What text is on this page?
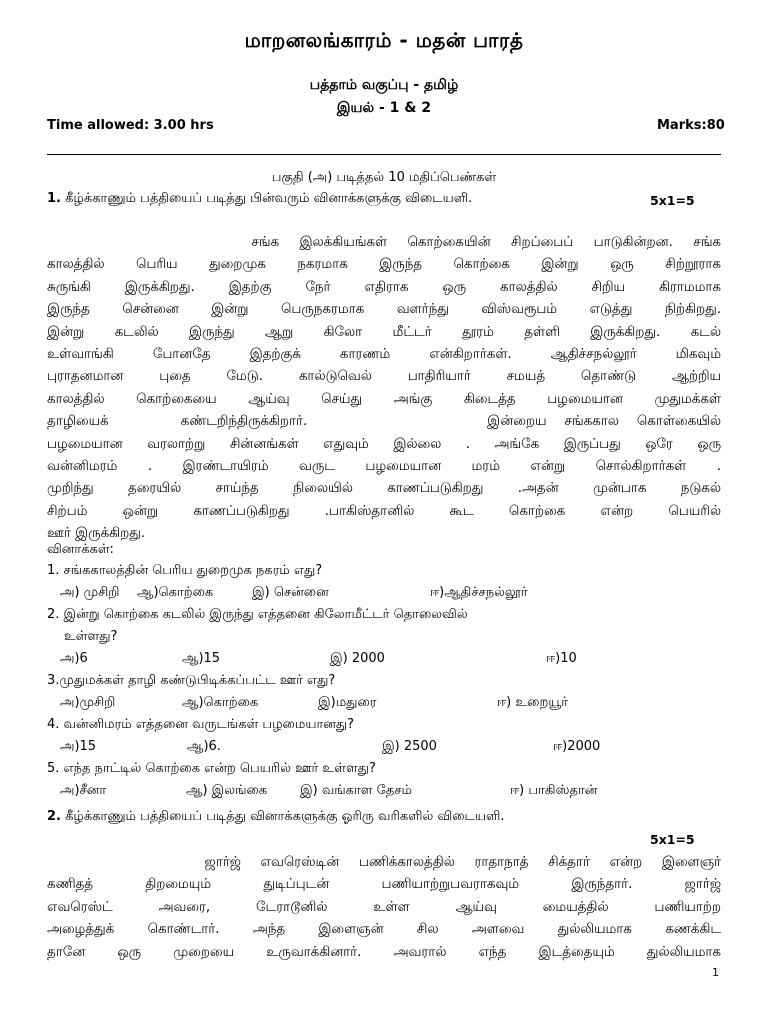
மாறனலங்காரம் - மதன் பாரத்
பத்தாம் வகுப்பு - தமிழ்
இயல் - 1 & 2
Time allowed: 3.00 hrs	Marks:80
பகுதி (அ) படித்தல் 10 மதிப்பெண்கள்
1. கீழ்க்காணும் பத்தியைப் படித்து பின்வரும் வினாக்களுக்கு விடையளி.	5x1=5
சங்க இலக்கியங்கள் கொற்கையின் சிறப்பைப் பாடுகின்றன. சங்க
காலத்தில் பெரிய துறைமுக நகரமாக இருந்த கொற்கை இன்று ஒரு சிற்றூராக
சுருங்கி இருக்கிறது. இதற்கு நேர் எதிராக ஒரு காலத்தில் சிறிய கிராமமாக
இருந்த சென்னை இன்று பெருநகரமாக வளர்ந்து விஸ்வரூபம் எடுத்து நிற்கிறது.
இன்று கடலில் இருந்து ஆறு கிலோ மீட்டர் தூரம் தள்ளி இருக்கிறது. கடல்
உள்வாங்கி போனதே இதற்குக் காரணம் என்கிறார்கள். ஆதிச்சநல்லூர் மிகவும்
புராதனமான புதை மேடு. கால்டுவெல் பாதிரியார் சமயத் தொண்டு ஆற்றிய
காலத்தில் கொற்கையை ஆய்வு செய்து அங்கு கிடைத்த பழமையான முதுமக்கள்
தாழியைக்    கண்டறிந்திருக்கிறார்.          இன்றைய சங்ககால கொள்கையில்
பழமையான வரலாற்று சின்னங்கள் எதுவும் இல்லை . அங்கே இருப்பது ஒரே ஒரு
வன்னிமரம் . இரண்டாயிரம் வருட பழமையான மரம் என்று சொல்கிறார்கள் .
முறிந்து தரையில் சாய்ந்த நிலையில் காணப்படுகிறது .அதன் முன்பாக நடுகல்
சிற்பம் ஒன்று காணப்படுகிறது .பாகிஸ்தானில் கூட கொற்கை என்ற பெயரில்
ஊர் இருக்கிறது.
வினாக்கள்:
1. சங்ககாலத்தின் பெரிய துறைமுக நகரம் எது?
அ) முசிறி ஆ)கொற்கை	இ) சென்னை	ஈ)ஆதிச்சநல்லூர்
2. இன்று கொற்கை கடலில் இருந்து எத்தனை கிலோமீட்டர் தொலைவில்
உள்ளது?
அ)6	ஆ)15	இ) 2000	ஈ)10
3.முதுமக்கள் தாழி கண்டுபிடிக்கப்பட்ட ஊர் எது?
அ)முசிறி	ஆ)கொற்கை	இ)மதுரை	ஈ) உறையூர்
4. வன்னிமரம் எத்தனை வருடங்கள் பழமையானது?
அ)15	ஆ)6.	இ) 2500	ஈ)2000
5. எந்த நாட்டில் கொற்கை என்ற பெயரில் ஊர் உள்ளது?
அ)சீனா	ஆ) இலங்கை	இ) வங்காள தேசம்	ஈ) பாகிஸ்தான்
2. கீழ்க்காணும் பத்தியைப் படித்து வினாக்களுக்கு ஓரிரு வரிகளில் விடையளி.
5x1=5
ஜார்ஜ் எவரெஸ்டின் பணிக்காலத்தில் ராதாநாத் சிக்தார் என்ற இளைஞர்
கணிதத் திறமையும் துடிப்புடன் பணியாற்றுபவராகவும் இருந்தார். ஜார்ஜ்
எவரெஸ்ட் அவரை, டேராடூனில் உள்ள ஆய்வு மையத்தில் பணியாற்ற
அழைத்துக் கொண்டார். அந்த இளைஞன் சில அளவை துல்லியமாக கணக்கிட
தானே ஒரு முறையை உருவாக்கினார். அவரால் எந்த இடத்தையும் துல்லியமாக
1
